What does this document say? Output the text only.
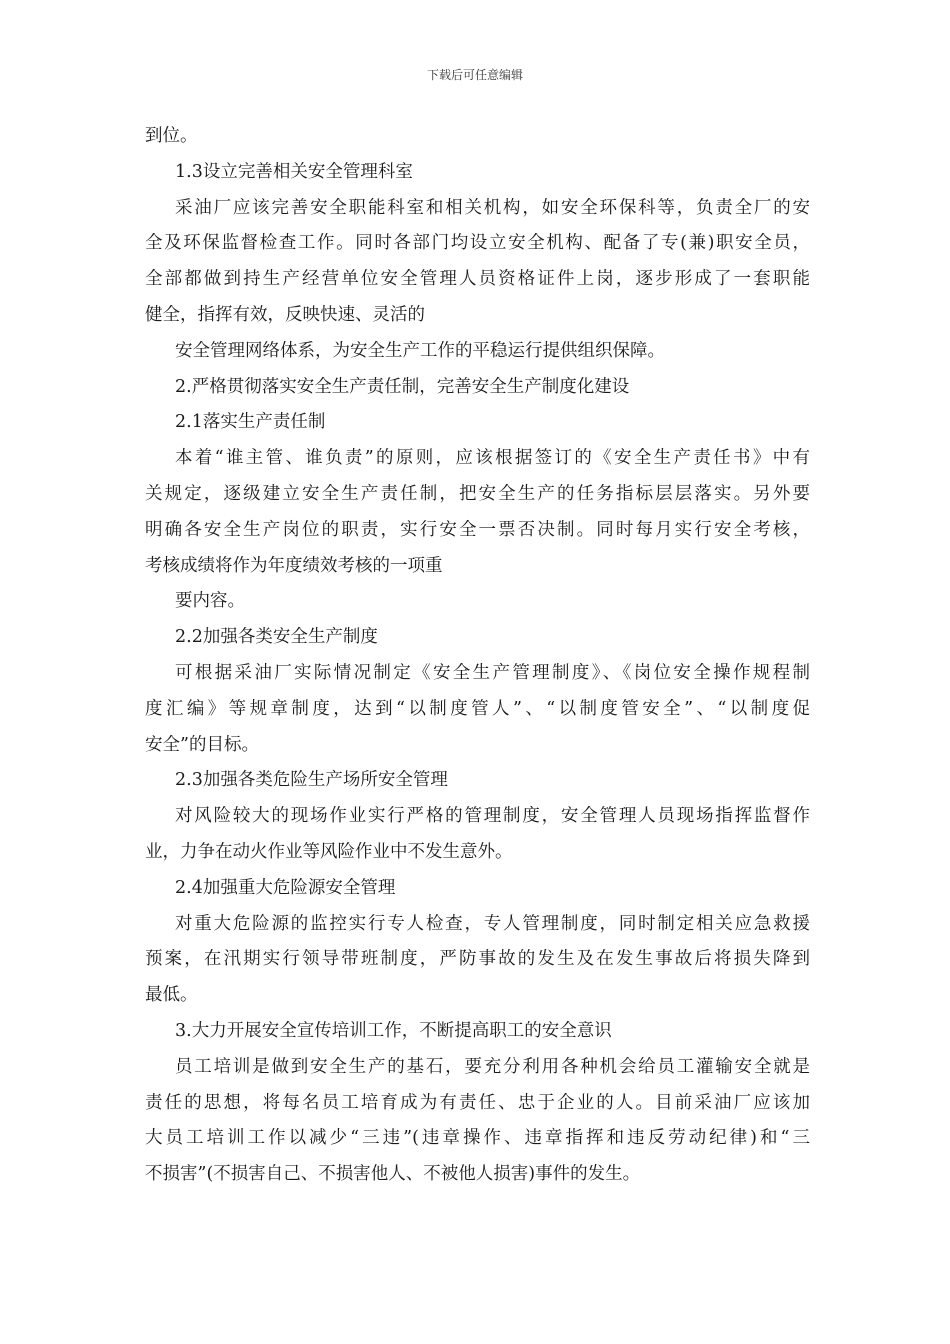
下载后可任意编辑
到位。
1.3设立完善相关安全管理科室
采油厂应该完善安全职能科室和相关机构，如安全环保科等，负责全厂的安
全及环保监督检查工作。同时各部门均设立安全机构、配备了专(兼)职安全员，
全部都做到持生产经营单位安全管理人员资格证件上岗，逐步形成了一套职能
健全，指挥有效，反映快速、灵活的
安全管理网络体系，为安全生产工作的平稳运行提供组织保障。
2.严格贯彻落实安全生产责任制，完善安全生产制度化建设
2.1落实生产责任制
本着“谁主管、谁负责”的原则，应该根据签订的《安全生产责任书》中有
关规定，逐级建立安全生产责任制，把安全生产的任务指标层层落实。另外要
明确各安全生产岗位的职责，实行安全一票否决制。同时每月实行安全考核，
考核成绩将作为年度绩效考核的一项重
要内容。
2.2加强各类安全生产制度
可根据采油厂实际情况制定《安全生产管理制度》、《岗位安全操作规程制
度汇编》等规章制度，达到“以制度管人”、“以制度管安全”、“以制度促
安全”的目标。
2.3加强各类危险生产场所安全管理
对风险较大的现场作业实行严格的管理制度，安全管理人员现场指挥监督作
业，力争在动火作业等风险作业中不发生意外。
2.4加强重大危险源安全管理
对重大危险源的监控实行专人检查，专人管理制度，同时制定相关应急救援
预案，在汛期实行领导带班制度，严防事故的发生及在发生事故后将损失降到
最低。
3.大力开展安全宣传培训工作，不断提高职工的安全意识
员工培训是做到安全生产的基石，要充分利用各种机会给员工灌输安全就是
责任的思想，将每名员工培育成为有责任、忠于企业的人。目前采油厂应该加
大员工培训工作以减少“三违”(违章操作、违章指挥和违反劳动纪律)和“三
不损害”(不损害自己、不损害他人、不被他人损害)事件的发生。
